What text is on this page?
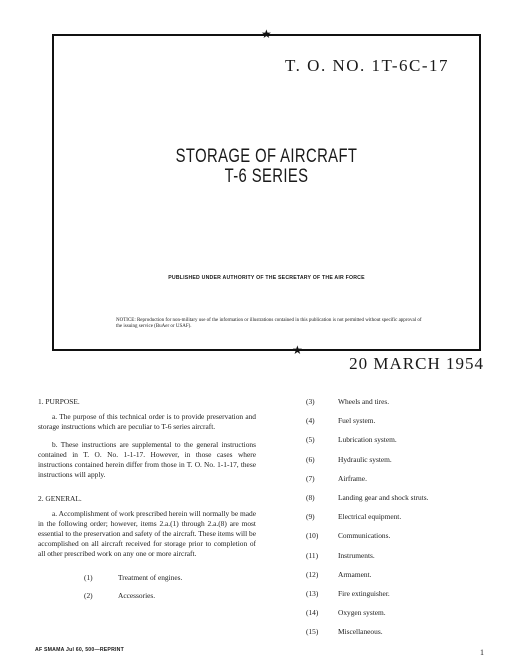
★
T. O. NO. 1T-6C-17
STORAGE OF AIRCRAFT
T-6 SERIES
PUBLISHED UNDER AUTHORITY OF THE SECRETARY OF THE AIR FORCE
NOTICE: Reproduction for non-military use of the information or illustrations contained in this publication is not permitted without specific approval of the issuing service (BuAer or USAF).
★
20 MARCH 1954
1. PURPOSE.
a. The purpose of this technical order is to provide preservation and storage instructions which are peculiar to T-6 series aircraft.
b. These instructions are supplemental to the general instructions contained in T. O. No. 1-1-17. However, in those cases where instructions contained herein differ from those in T. O. No. 1-1-17, these instructions will apply.
2. GENERAL.
a. Accomplishment of work prescribed herein will normally be made in the following order; however, items 2.a.(1) through 2.a.(8) are most essential to the preservation and safety of the aircraft. These items will be accomplished on all aircraft received for storage prior to completion of all other prescribed work on any one or more aircraft.
(1)	Treatment of engines.
(2)	Accessories.
(3)	Wheels and tires.
(4)	Fuel system.
(5)	Lubrication system.
(6)	Hydraulic system.
(7)	Airframe.
(8)	Landing gear and shock struts.
(9)	Electrical equipment.
(10)	Communications.
(11)	Instruments.
(12)	Armament.
(13)	Fire extinguisher.
(14)	Oxygen system.
(15)	Miscellaneous.
AF SMAMA Jul 60, 500—REPRINT	1
